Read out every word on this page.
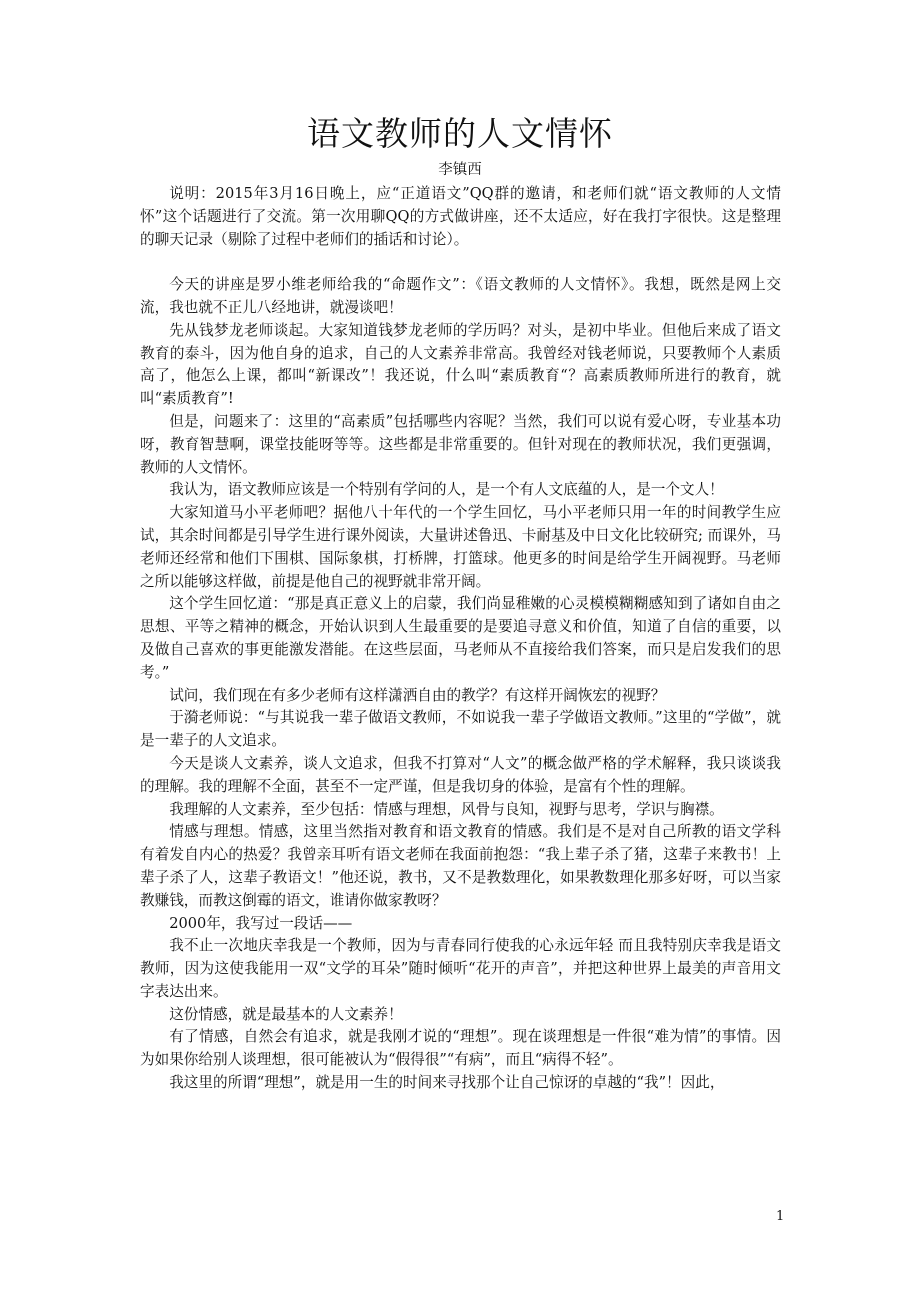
语文教师的人文情怀
李镇西

说明：2015年3月16日晚上，应“正道语文”QQ群的邀请，和老师们就“语文教师的人文情怀”这个话题进行了交流。第一次用聊QQ的方式做讲座，还不太适应，好在我打字很快。这是整理的聊天记录（剔除了过程中老师们的插话和讨论）。

今天的讲座是罗小维老师给我的“命题作文”：《语文教师的人文情怀》。我想，既然是网上交流，我也就不正儿八经地讲，就漫谈吧！

先从钱梦龙老师谈起。大家知道钱梦龙老师的学历吗？对头，是初中毕业。但他后来成了语文教育的泰斗，因为他自身的追求，自己的人文素养非常高。我曾经对钱老师说，只要教师个人素质高了，他怎么上课，都叫“新课改”！我还说，什么叫“素质教育“？高素质教师所进行的教育，就叫“素质教育”!

但是，问题来了：这里的“高素质”包括哪些内容呢？当然，我们可以说有爱心呀，专业基本功呀，教育智慧啊，课堂技能呀等等。这些都是非常重要的。但针对现在的教师状况，我们更强调，教师的人文情怀。

我认为，语文教师应该是一个特别有学问的人，是一个有人文底蕴的人，是一个文人！

大家知道马小平老师吧？据他八十年代的一个学生回忆，马小平老师只用一年的时间教学生应试，其余时间都是引导学生进行课外阅读，大量讲述鲁迅、卡耐基及中日文化比较研究; 而课外，马老师还经常和他们下围棋、国际象棋，打桥牌，打篮球。他更多的时间是给学生开阔视野。马老师之所以能够这样做，前提是他自己的视野就非常开阔。

这个学生回忆道：“那是真正意义上的启蒙，我们尚显稚嫩的心灵模模糊糊感知到了诸如自由之思想、平等之精神的概念，开始认识到人生最重要的是要追寻意义和价值，知道了自信的重要，以及做自己喜欢的事更能激发潜能。在这些层面，马老师从不直接给我们答案，而只是启发我们的思考。”

试问，我们现在有多少老师有这样潇洒自由的教学？有这样开阔恢宏的视野？

于漪老师说：“与其说我一辈子做语文教师，不如说我一辈子学做语文教师。”这里的“学做”，就是一辈子的人文追求。

今天是谈人文素养，谈人文追求，但我不打算对“人文”的概念做严格的学术解释，我只谈谈我的理解。我的理解不全面，甚至不一定严谨，但是我切身的体验，是富有个性的理解。

我理解的人文素养，至少包括：情感与理想，风骨与良知，视野与思考，学识与胸襟。

情感与理想。情感，这里当然指对教育和语文教育的情感。我们是不是对自己所教的语文学科有着发自内心的热爱？我曾亲耳听有语文老师在我面前抱怨：“我上辈子杀了猪，这辈子来教书！上辈子杀了人，这辈子教语文！”他还说，教书，又不是教数理化，如果教数理化那多好呀，可以当家教赚钱，而教这倒霉的语文，谁请你做家教呀？

2000年，我写过一段话——

我不止一次地庆幸我是一个教师，因为与青春同行使我的心永远年轻 而且我特别庆幸我是语文教师，因为这使我能用一双“文学的耳朵”随时倾听“花开的声音”，并把这种世界上最美的声音用文字表达出来。

这份情感，就是最基本的人文素养！

有了情感，自然会有追求，就是我刚才说的“理想”。现在谈理想是一件很“难为情”的事情。因为如果你给别人谈理想，很可能被认为“假得很”“有病”，而且“病得不轻”。

我这里的所谓“理想”，就是用一生的时间来寻找那个让自己惊讶的卓越的“我”！因此，

1
